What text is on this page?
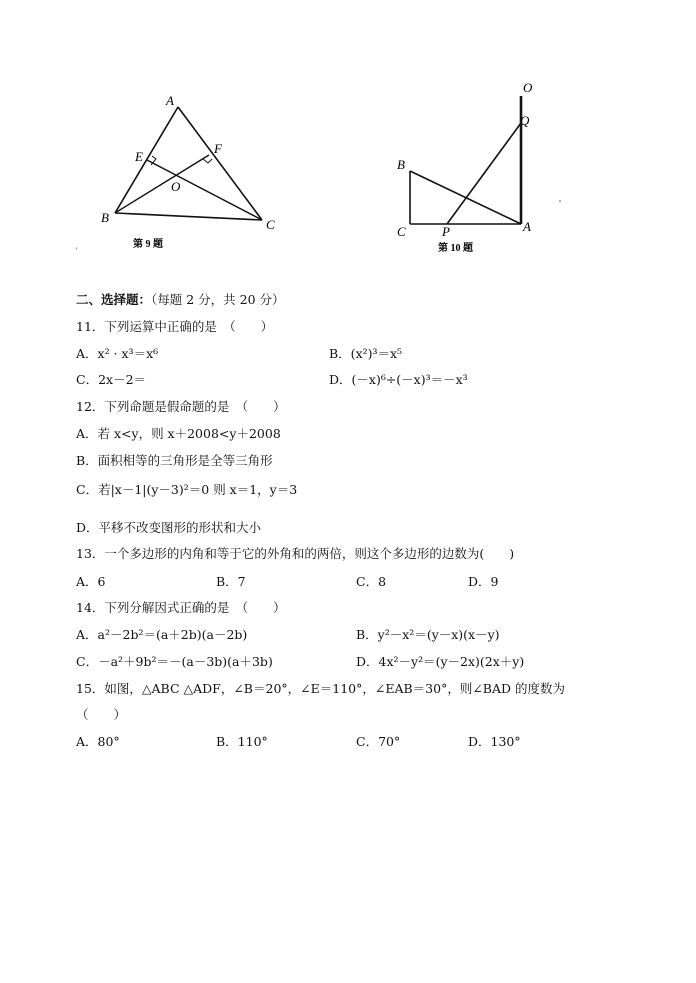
A
B	C
E
F
O
第 9 题
’
O
Q
B
C	P	A
第 10 题
二、选择题：（每题 2 分，共 20 分）
11．下列运算中正确的是　（　　）
A．x² · x³＝x⁶	B．(x²)³＝x⁵
C．2x－2＝	D．(－x)⁶÷(－x)³＝－x³
12．下列命题是假命题的是　（　　）
A．若 x<y，则 x＋2008<y＋2008
B．面积相等的三角形是全等三角形
C．若|x－1|(y－3)²＝0 则 x＝1，y＝3
D．平移不改变图形的形状和大小
13．一个多边形的内角和等于它的外角和的两倍，则这个多边形的边数为(　　)
A．6	B．7	C．8	D．9
14．下列分解因式正确的是　（　　）
A．a²－2b²＝(a＋2b)(a－2b)	B．y²－x²＝(y－x)(x－y)
C．－a²＋9b²＝－(a－3b)(a＋3b)	D．4x²－y²＝(y－2x)(2x＋y)
15．如图，△ABC △ADF，∠B＝20°，∠E＝110°，∠EAB＝30°，则∠BAD 的度数为
（　　）
A．80°	B．110°	C．70°	D．130°
